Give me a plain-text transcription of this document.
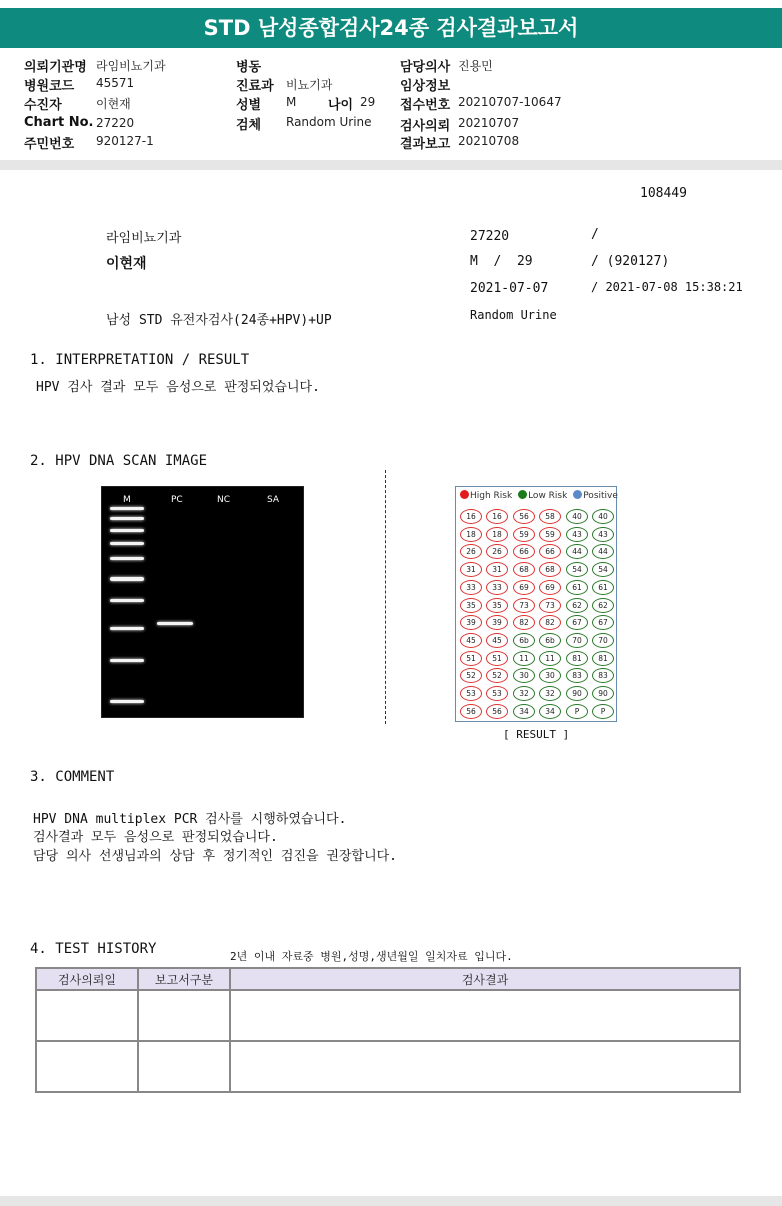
STD 남성종합검사24종 검사결과보고서
의뢰기관명 라임비뇨기과
병원코드 45571
수진자	이현재
Chart No. 27220
주민번호 920127-1
병동
진료과 비뇨기과
성별 M 나이 29
검체 Random Urine
담당의사 진용민
임상정보
접수번호 20210707-10647
검사의뢰 20210707
결과보고 20210708
108449
라임비뇨기과
이현재
남성 STD 유전자검사(24종+HPV)+UP
27220	/
M  /  29	/ (920127)
2021-07-07	/ 2021-07-08 15:38:21
Random Urine
1. INTERPRETATION / RESULT
HPV 검사 결과 모두 음성으로 판정되었습니다.
2. HPV DNA SCAN IMAGE
M	PC	NC	SA	High Risk Low Risk Positive
16	16	56	58	40	40
18	18	59	59	43	43
26	26	66	66	44	44
31	31	68	68	54	54
33	33	69	69	61	61
35	35	73	73	62	62
39	39	82	82	67	67
45	45	6b	6b	70	70
51	51	11	11	81	81
52	52	30	30	83	83
53	53	32	32	90	90
56	56	34	34	P	P
[ RESULT ]
3. COMMENT
HPV DNA multiplex PCR 검사를 시행하였습니다.
검사결과 모두 음성으로 판정되었습니다.
담당 의사 선생님과의 상담 후 정기적인 검진을 권장합니다.
4. TEST HISTORY	2년 이내 자료중 병원,성명,생년월일 일치자료 입니다.
검사의뢰일	보고서구분	검사결과
